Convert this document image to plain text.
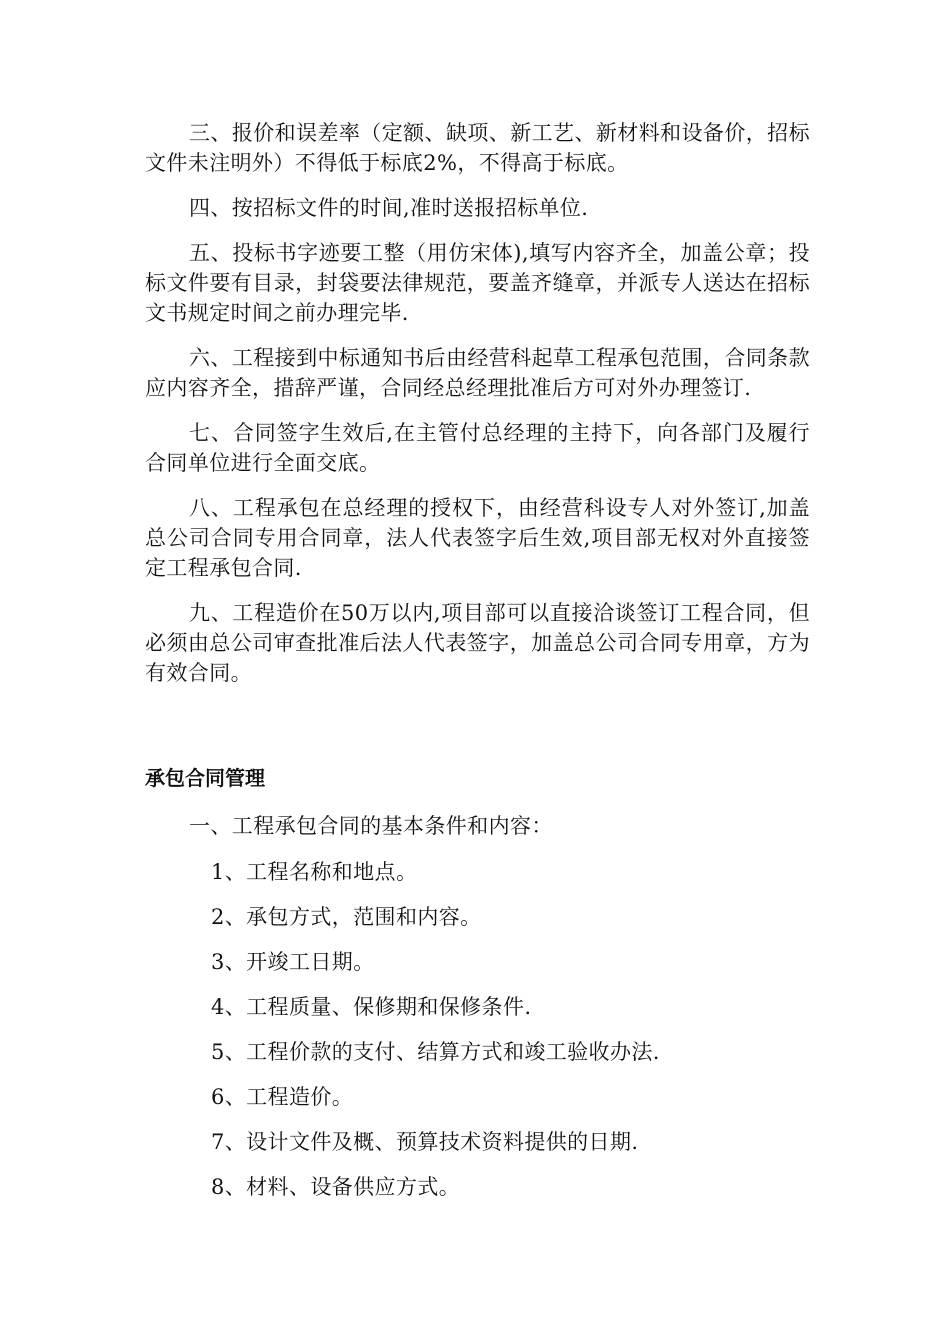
三、报价和误差率（定额、缺项、新工艺、新材料和设备价，招标文件未注明外）不得低于标底2%，不得高于标底。

四、按招标文件的时间,准时送报招标单位.

五、投标书字迹要工整（用仿宋体),填写内容齐全，加盖公章；投标文件要有目录，封袋要法律规范，要盖齐缝章，并派专人送达在招标文书规定时间之前办理完毕.

六、工程接到中标通知书后由经营科起草工程承包范围，合同条款应内容齐全，措辞严谨，合同经总经理批准后方可对外办理签订.

七、合同签字生效后,在主管付总经理的主持下，向各部门及履行合同单位进行全面交底。

八、工程承包在总经理的授权下，由经营科设专人对外签订,加盖总公司合同专用合同章，法人代表签字后生效,项目部无权对外直接签定工程承包合同.

九、工程造价在50万以内,项目部可以直接洽谈签订工程合同，但必须由总公司审查批准后法人代表签字，加盖总公司合同专用章，方为有效合同。

承包合同管理

一、工程承包合同的基本条件和内容：

1、工程名称和地点。

2、承包方式，范围和内容。

3、开竣工日期。

4、工程质量、保修期和保修条件.

5、工程价款的支付、结算方式和竣工验收办法.

6、工程造价。

7、设计文件及概、预算技术资料提供的日期.

8、材料、设备供应方式。
